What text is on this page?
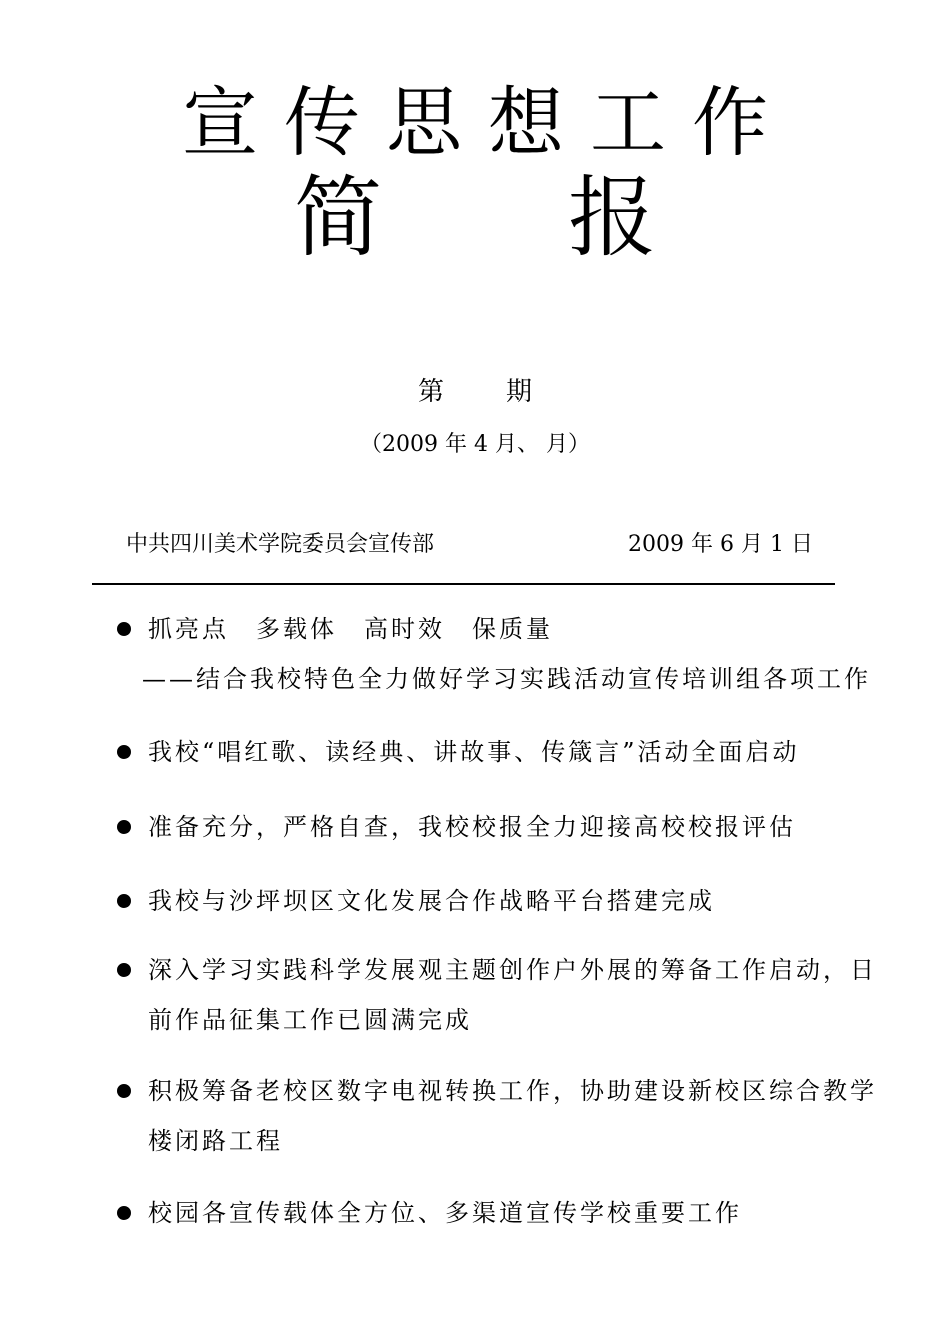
宣 传 思 想 工 作
简 报
第 期
（2009 年 4 月、 月）
中共四川美术学院委员会宣传部	2009 年 6 月 1 日
抓亮点　多载体　高时效　保质量
——结合我校特色全力做好学习实践活动宣传培训组各项工作
我校“唱红歌、读经典、讲故事、传箴言”活动全面启动
准备充分，严格自查，我校校报全力迎接高校校报评估
我校与沙坪坝区文化发展合作战略平台搭建完成
深入学习实践科学发展观主题创作户外展的筹备工作启动，日
前作品征集工作已圆满完成
积极筹备老校区数字电视转换工作，协助建设新校区综合教学
楼闭路工程
校园各宣传载体全方位、多渠道宣传学校重要工作
